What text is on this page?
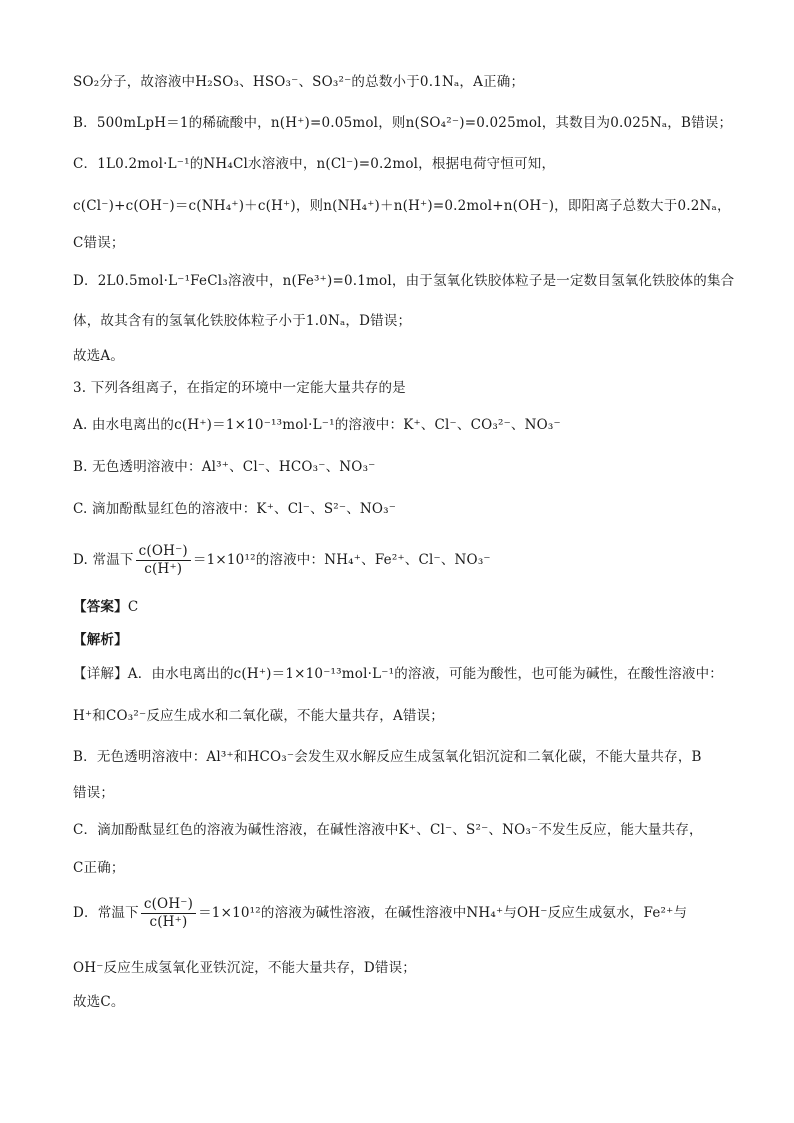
SO₂分子，故溶液中H₂SO₃、HSO₃⁻、SO₃²⁻的总数小于0.1Nₐ，A正确；
B．500mLpH＝1的稀硫酸中，n(H⁺)=0.05mol，则n(SO₄²⁻)=0.025mol，其数目为0.025Nₐ，B错误；
C．1L0.2mol·L⁻¹的NH₄Cl水溶液中，n(Cl⁻)=0.2mol，根据电荷守恒可知，
c(Cl⁻)+c(OH⁻)＝c(NH₄⁺)＋c(H⁺)，则n(NH₄⁺)＋n(H⁺)=0.2mol+n(OH⁻)，即阳离子总数大于0.2Nₐ，
C错误；
D．2L0.5mol·L⁻¹FeCl₃溶液中，n(Fe³⁺)=0.1mol，由于氢氧化铁胶体粒子是一定数目氢氧化铁胶体的集合
体，故其含有的氢氧化铁胶体粒子小于1.0Nₐ，D错误；
故选A。
3. 下列各组离子，在指定的环境中一定能大量共存的是
A. 由水电离出的c(H⁺)＝1×10⁻¹³mol·L⁻¹的溶液中：K⁺、Cl⁻、CO₃²⁻、NO₃⁻
B. 无色透明溶液中：Al³⁺、Cl⁻、HCO₃⁻、NO₃⁻
C. 滴加酚酞显红色的溶液中：K⁺、Cl⁻、S²⁻、NO₃⁻
D. 常温下 $\frac{c(OH^-)}{c(H^+)} =1\times 10^{12}$的溶液中：NH₄⁺、Fe²⁺、Cl⁻、NO₃⁻
【答案】C
【解析】
【详解】A．由水电离出的c(H⁺)＝1×10⁻¹³mol·L⁻¹的溶液，可能为酸性，也可能为碱性，在酸性溶液中：
H⁺和CO₃²⁻反应生成水和二氧化碳，不能大量共存，A错误；
B．无色透明溶液中：Al³⁺和HCO₃⁻会发生双水解反应生成氢氧化铝沉淀和二氧化碳，不能大量共存，B
错误；
C．滴加酚酞显红色的溶液为碱性溶液，在碱性溶液中K⁺、Cl⁻、S²⁻、NO₃⁻不发生反应，能大量共存，
C正确；
D．常温下 $\frac{c(OH^-)}{c(H^+)} =1\times 10^{12}$的溶液为碱性溶液，在碱性溶液中NH₄⁺与OH⁻反应生成氨水，Fe²⁺与
OH⁻反应生成氢氧化亚铁沉淀，不能大量共存，D错误；
故选C。
